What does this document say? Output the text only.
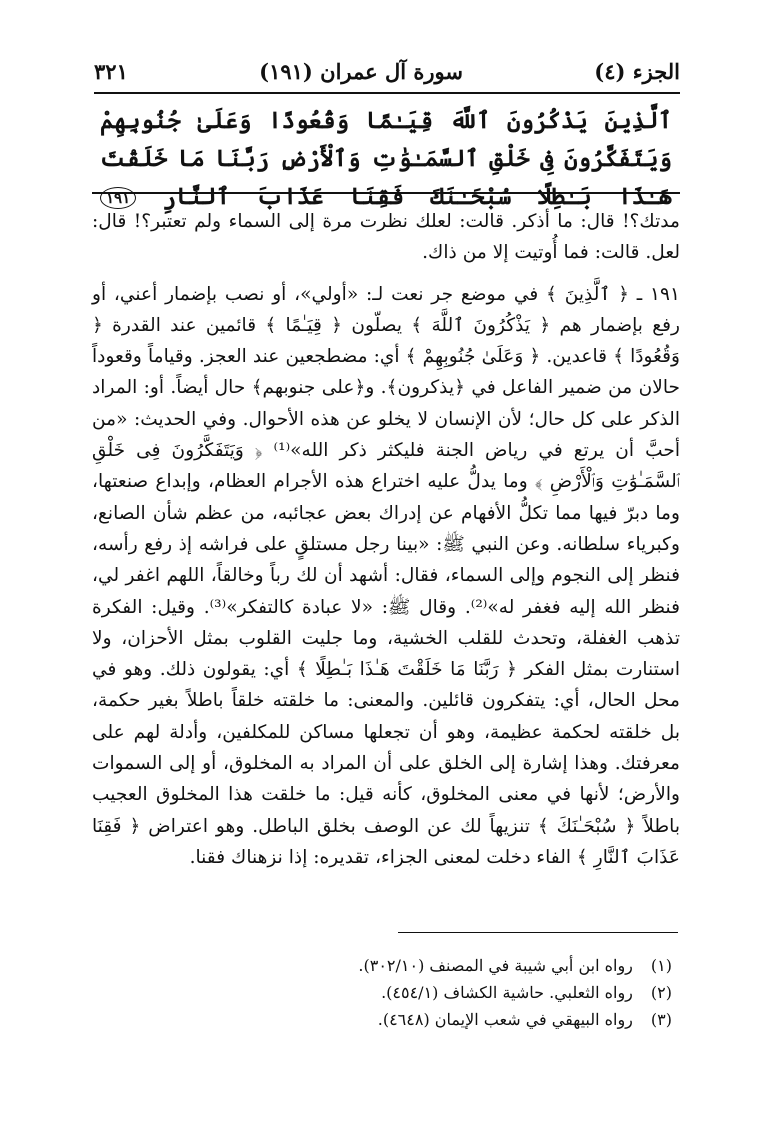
الجزء (٤)
سورة آل عمران (١٩١)
٣٢١
ٱلَّذِينَ يَذْكُرُونَ ٱللَّهَ قِيَـٰمًا وَقُعُودًا وَعَلَىٰ جُنُوبِهِمْ وَيَتَفَكَّرُونَ فِى خَلْقِ ٱلسَّمَـٰوَٰتِ وَٱلْأَرْضِ رَبَّنَا مَا خَلَقْتَ هَـٰذَا بَـٰطِلًا سُبْحَـٰنَكَ فَقِنَا عَذَابَ ٱلنَّارِ ١٩١

مدتك؟! قال: ما أذكر. قالت: لعلك نظرت مرة إلى السماء ولم تعتبر؟! قال: لعل. قالت: فما أُوتيت إلا من ذاك.

١٩١ ـ ﴿ ٱلَّذِينَ ﴾ في موضع جر نعت لـ: «أولي»، أو نصب بإضمار أعني، أو رفع بإضمار هم ﴿ يَذْكُرُونَ ٱللَّهَ ﴾ يصلّون ﴿ قِيَـٰمًا ﴾ قائمين عند القدرة ﴿ وَقُعُودًا ﴾ قاعدين. ﴿ وَعَلَىٰ جُنُوبِهِمْ ﴾ أي: مضطجعين عند العجز. وقياماً وقعوداً حالان من ضمير الفاعل في ﴿يذكرون﴾. و﴿على جنوبهم﴾ حال أيضاً. أو: المراد الذكر على كل حال؛ لأن الإنسان لا يخلو عن هذه الأحوال. وفي الحديث: «من أحبَّ أن يرتع في رياض الجنة فليكثر ذكر الله»⁽¹⁾ ﴿ وَيَتَفَكَّرُونَ فِى خَلْقِ ٱلسَّمَـٰوَٰتِ وَٱلْأَرْضِ ﴾ وما يدلُّ عليه اختراع هذه الأجرام العظام، وإبداع صنعتها، وما دبرّ فيها مما تكلُّ الأفهام عن إدراك بعض عجائبه، من عظم شأن الصانع، وكبرياء سلطانه. وعن النبي ﷺ: «بينا رجل مستلقٍ على فراشه إذ رفع رأسه، فنظر إلى النجوم وإلى السماء، فقال: أشهد أن لك رباً وخالقاً، اللهم اغفر لي، فنظر الله إليه فغفر له»⁽²⁾. وقال ﷺ: «لا عبادة كالتفكر»⁽³⁾. وقيل: الفكرة تذهب الغفلة، وتحدث للقلب الخشية، وما جليت القلوب بمثل الأحزان، ولا استنارت بمثل الفكر ﴿ رَبَّنَا مَا خَلَقْتَ هَـٰذَا بَـٰطِلًا ﴾ أي: يقولون ذلك. وهو في محل الحال، أي: يتفكرون قائلين. والمعنى: ما خلقته خلقاً باطلاً بغير حكمة، بل خلقته لحكمة عظيمة، وهو أن تجعلها مساكن للمكلفين، وأدلة لهم على معرفتك. وهذا إشارة إلى الخلق على أن المراد به المخلوق، أو إلى السموات والأرض؛ لأنها في معنى المخلوق، كأنه قيل: ما خلقت هذا المخلوق العجيب باطلاً ﴿ سُبْحَـٰنَكَ ﴾ تنزيهاً لك عن الوصف بخلق الباطل. وهو اعتراض ﴿ فَقِنَا عَذَابَ ٱلنَّارِ ﴾ الفاء دخلت لمعنى الجزاء، تقديره: إذا نزهناك فقنا.

(١) رواه ابن أبي شيبة في المصنف (٣٠٢/١٠).
(٢) رواه الثعلبي. حاشية الكشاف (٤٥٤/١).
(٣) رواه البيهقي في شعب الإيمان (٤٦٤٨).
